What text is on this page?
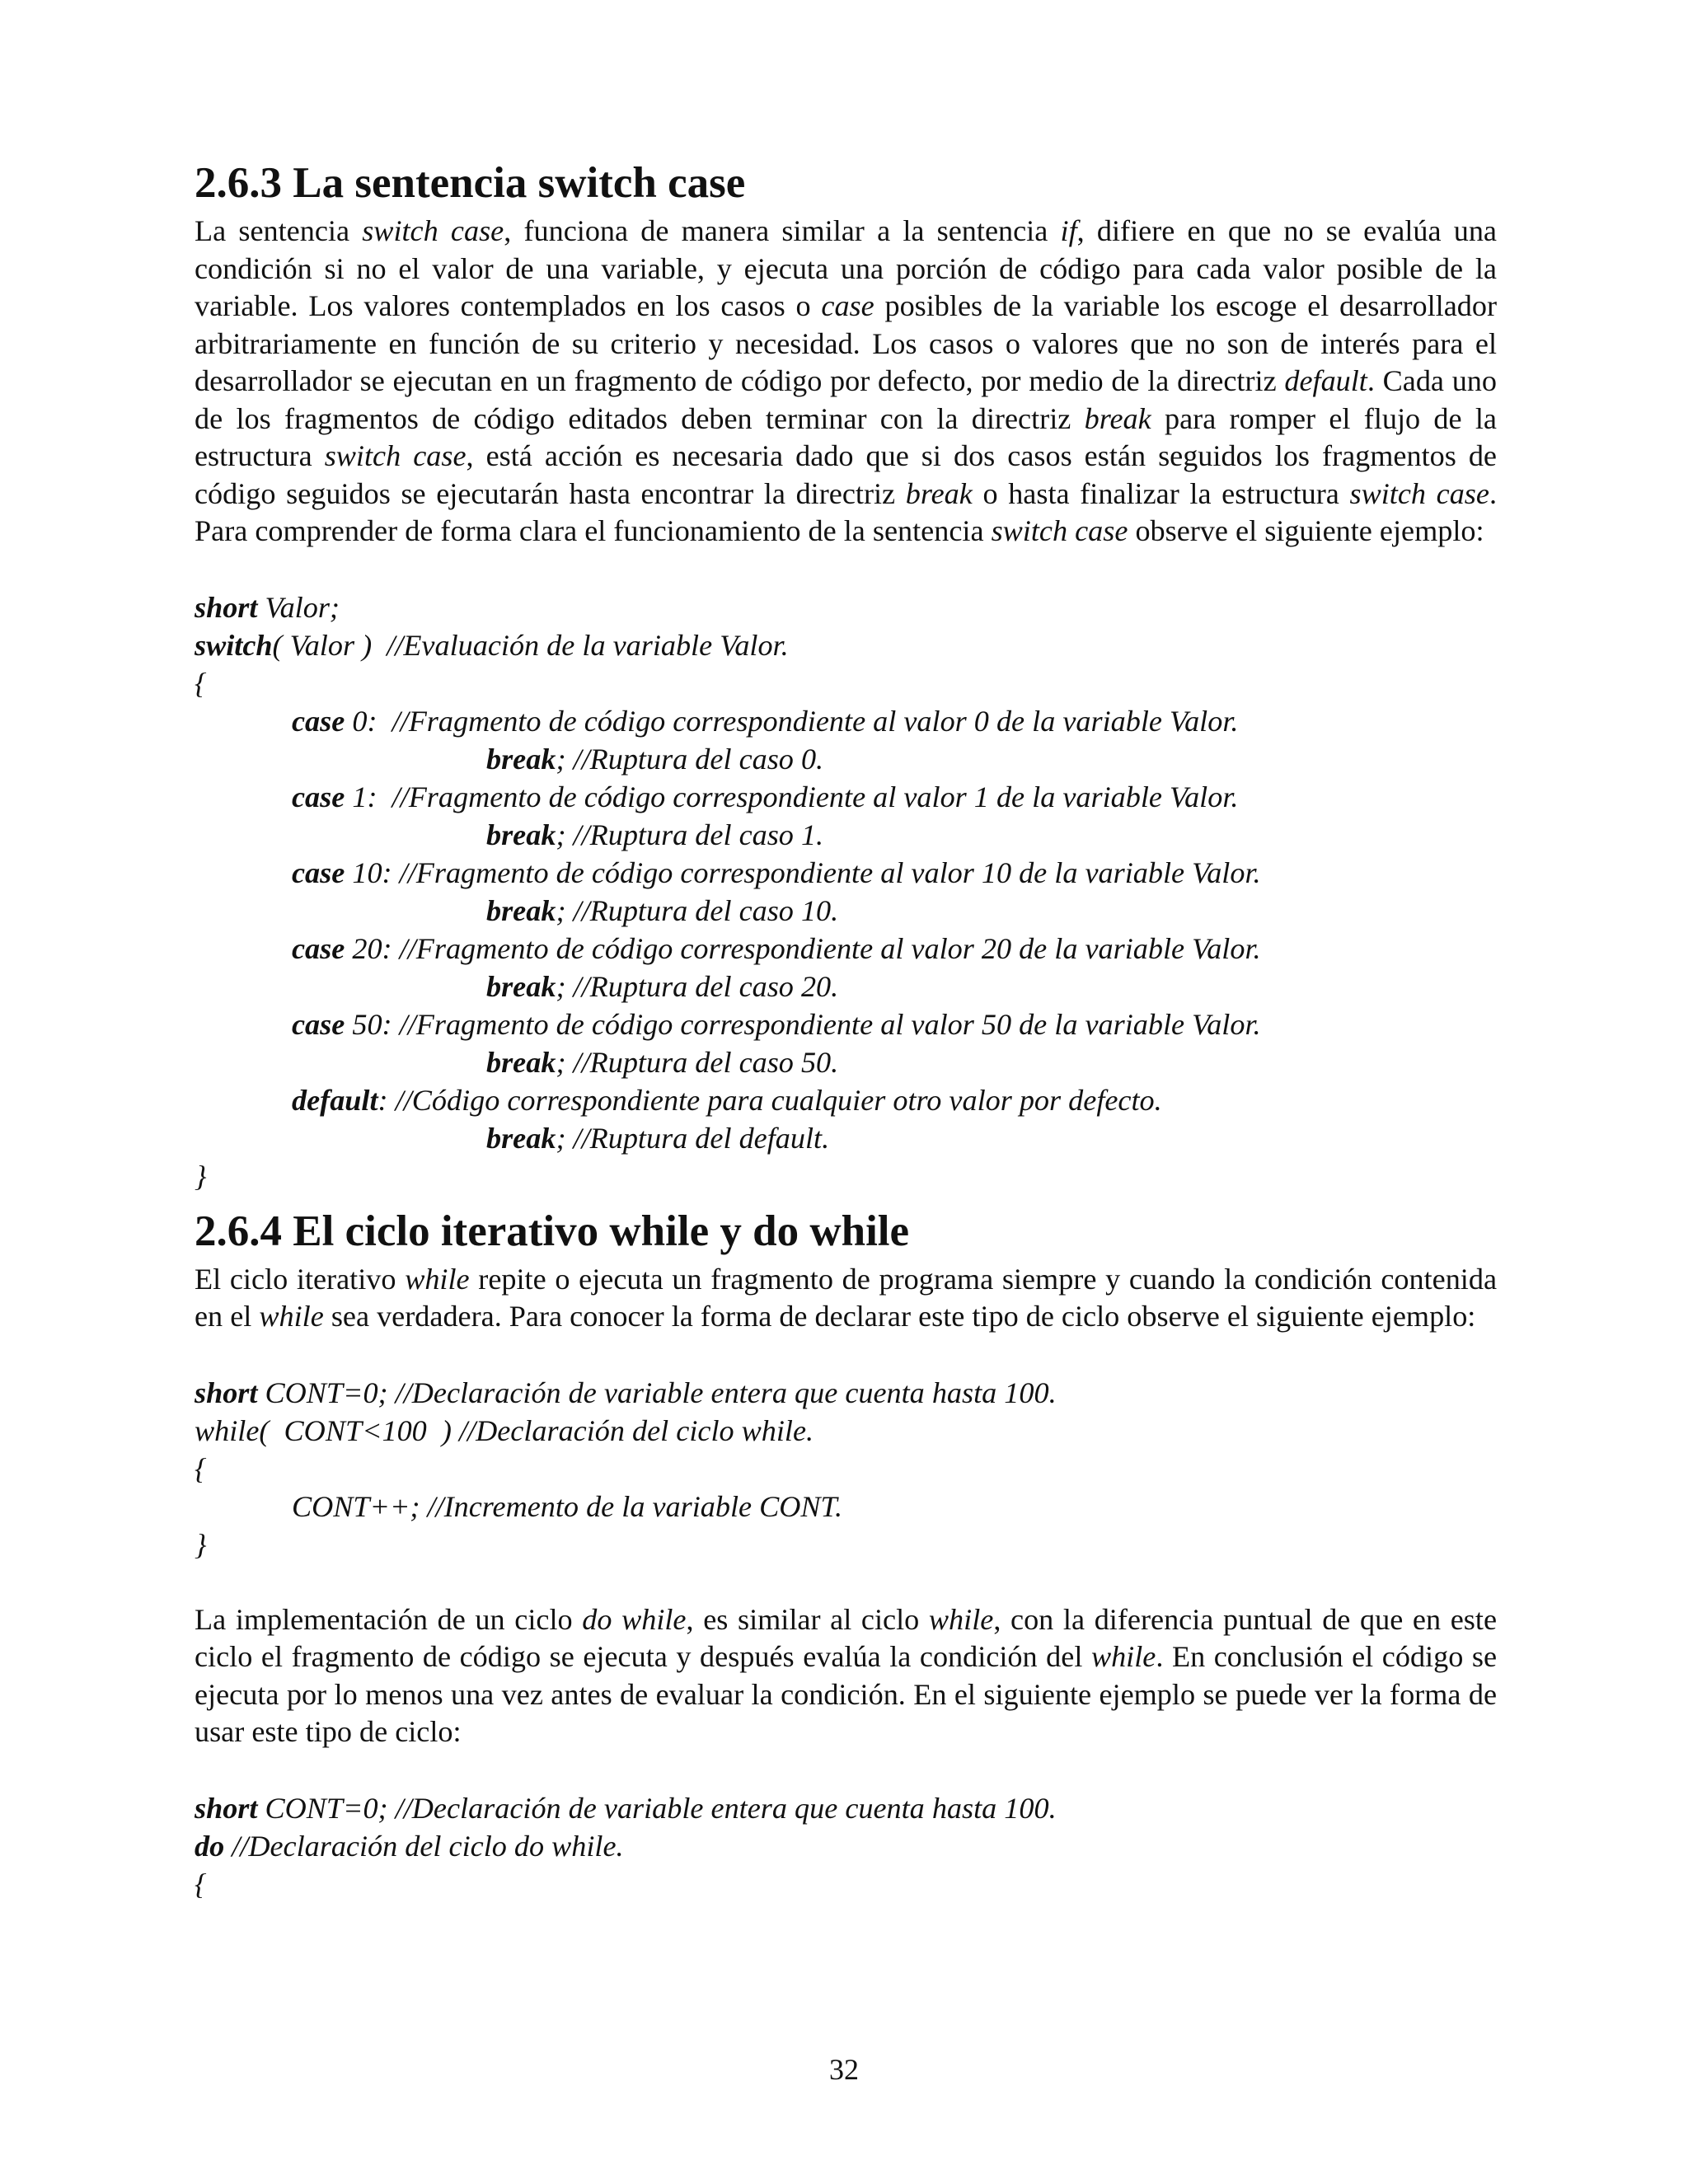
2.6.3 La sentencia switch case

La sentencia switch case, funciona de manera similar a la sentencia if, difiere en que no se evalúa una condición si no el valor de una variable, y ejecuta una porción de código para cada valor posible de la variable. Los valores contemplados en los casos o case posibles de la variable los escoge el desarrollador arbitrariamente en función de su criterio y necesidad. Los casos o valores que no son de interés para el desarrollador se ejecutan en un fragmento de código por defecto, por medio de la directriz default. Cada uno de los fragmentos de código editados deben terminar con la directriz break para romper el flujo de la estructura switch case, está acción es necesaria dado que si dos casos están seguidos los fragmentos de código seguidos se ejecutarán hasta encontrar la directriz break o hasta finalizar la estructura switch case. Para comprender de forma clara el funcionamiento de la sentencia switch case observe el siguiente ejemplo:

short Valor;
switch( Valor )  //Evaluación de la variable Valor.
{
case 0:  //Fragmento de código correspondiente al valor 0 de la variable Valor.
break; //Ruptura del caso 0.
case 1:  //Fragmento de código correspondiente al valor 1 de la variable Valor.
break; //Ruptura del caso 1.
case 10: //Fragmento de código correspondiente al valor 10 de la variable Valor.
break; //Ruptura del caso 10.
case 20: //Fragmento de código correspondiente al valor 20 de la variable Valor.
break; //Ruptura del caso 20.
case 50: //Fragmento de código correspondiente al valor 50 de la variable Valor.
break; //Ruptura del caso 50.
default: //Código correspondiente para cualquier otro valor por defecto.
break; //Ruptura del default.
}
2.6.4 El ciclo iterativo while y do while

El ciclo iterativo while repite o ejecuta un fragmento de programa siempre y cuando la condición contenida en el while sea verdadera. Para conocer la forma de declarar este tipo de ciclo observe el siguiente ejemplo:

short CONT=0; //Declaración de variable entera que cuenta hasta 100.
while(  CONT<100  ) //Declaración del ciclo while.
{
CONT++; //Incremento de la variable CONT.
}

La implementación de un ciclo do while, es similar al ciclo while, con la diferencia puntual de que en este ciclo el fragmento de código se ejecuta y después evalúa la condición del while. En conclusión el código se ejecuta por lo menos una vez antes de evaluar la condición. En el siguiente ejemplo se puede ver la forma de usar este tipo de ciclo:

short CONT=0; //Declaración de variable entera que cuenta hasta 100.
do //Declaración del ciclo do while.
{
32
